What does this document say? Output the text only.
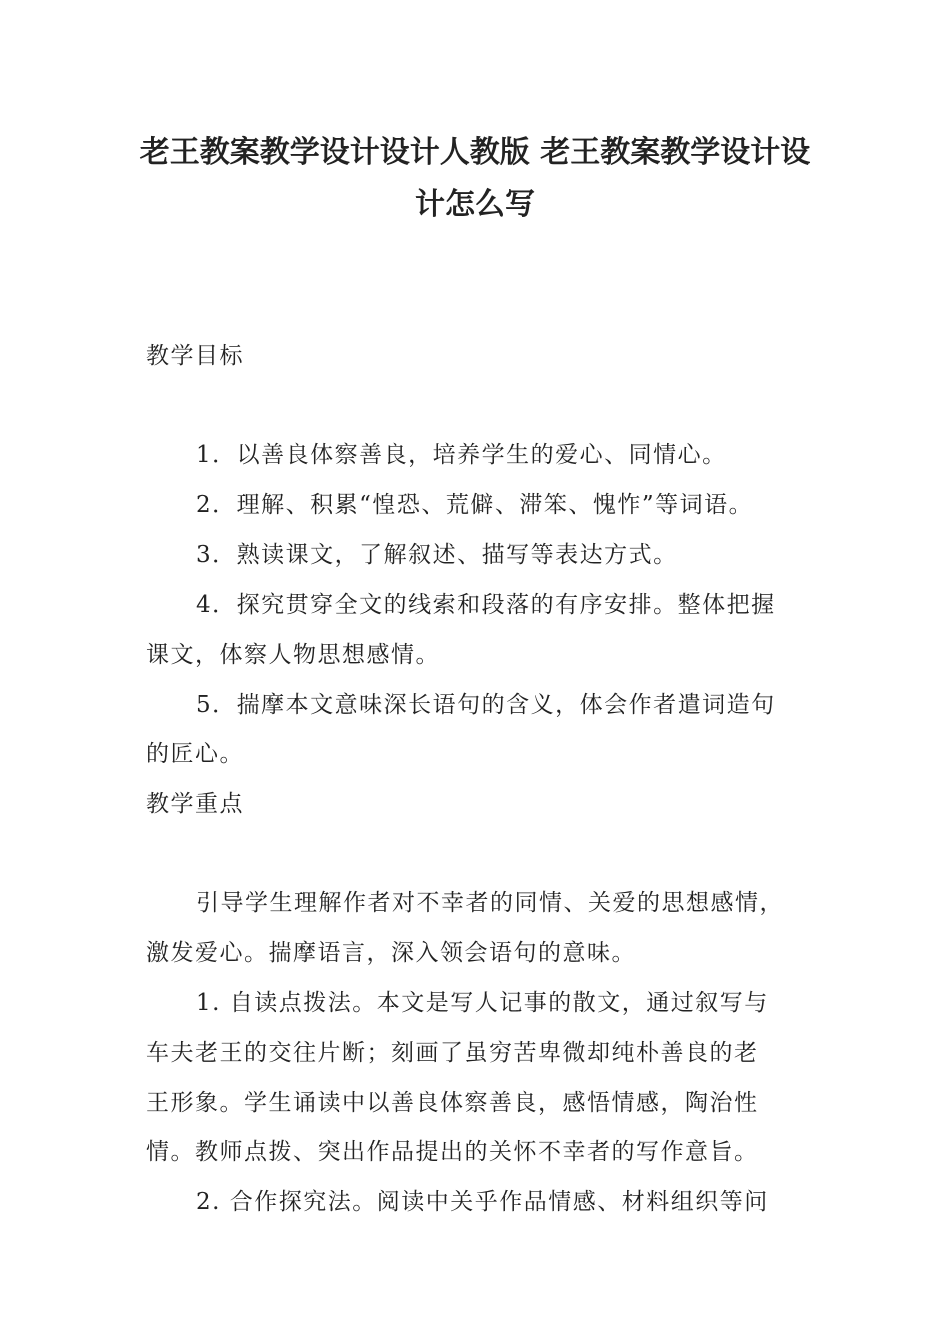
老王教案教学设计设计人教版 老王教案教学设计设
计怎么写
教学目标
1．以善良体察善良，培养学生的爱心、同情心。
2．理解、积累“惶恐、荒僻、滞笨、愧怍”等词语。
3．熟读课文，了解叙述、描写等表达方式。
4．探究贯穿全文的线索和段落的有序安排。整体把握
课文，体察人物思想感情。
5．揣摩本文意味深长语句的含义，体会作者遣词造句
的匠心。
教学重点
引导学生理解作者对不幸者的同情、关爱的思想感情，
激发爱心。揣摩语言，深入领会语句的意味。
1. 自读点拨法。本文是写人记事的散文，通过叙写与
车夫老王的交往片断；刻画了虽穷苦卑微却纯朴善良的老
王形象。学生诵读中以善良体察善良，感悟情感，陶治性
情。教师点拨、突出作品提出的关怀不幸者的写作意旨。
2. 合作探究法。阅读中关乎作品情感、材料组织等问
